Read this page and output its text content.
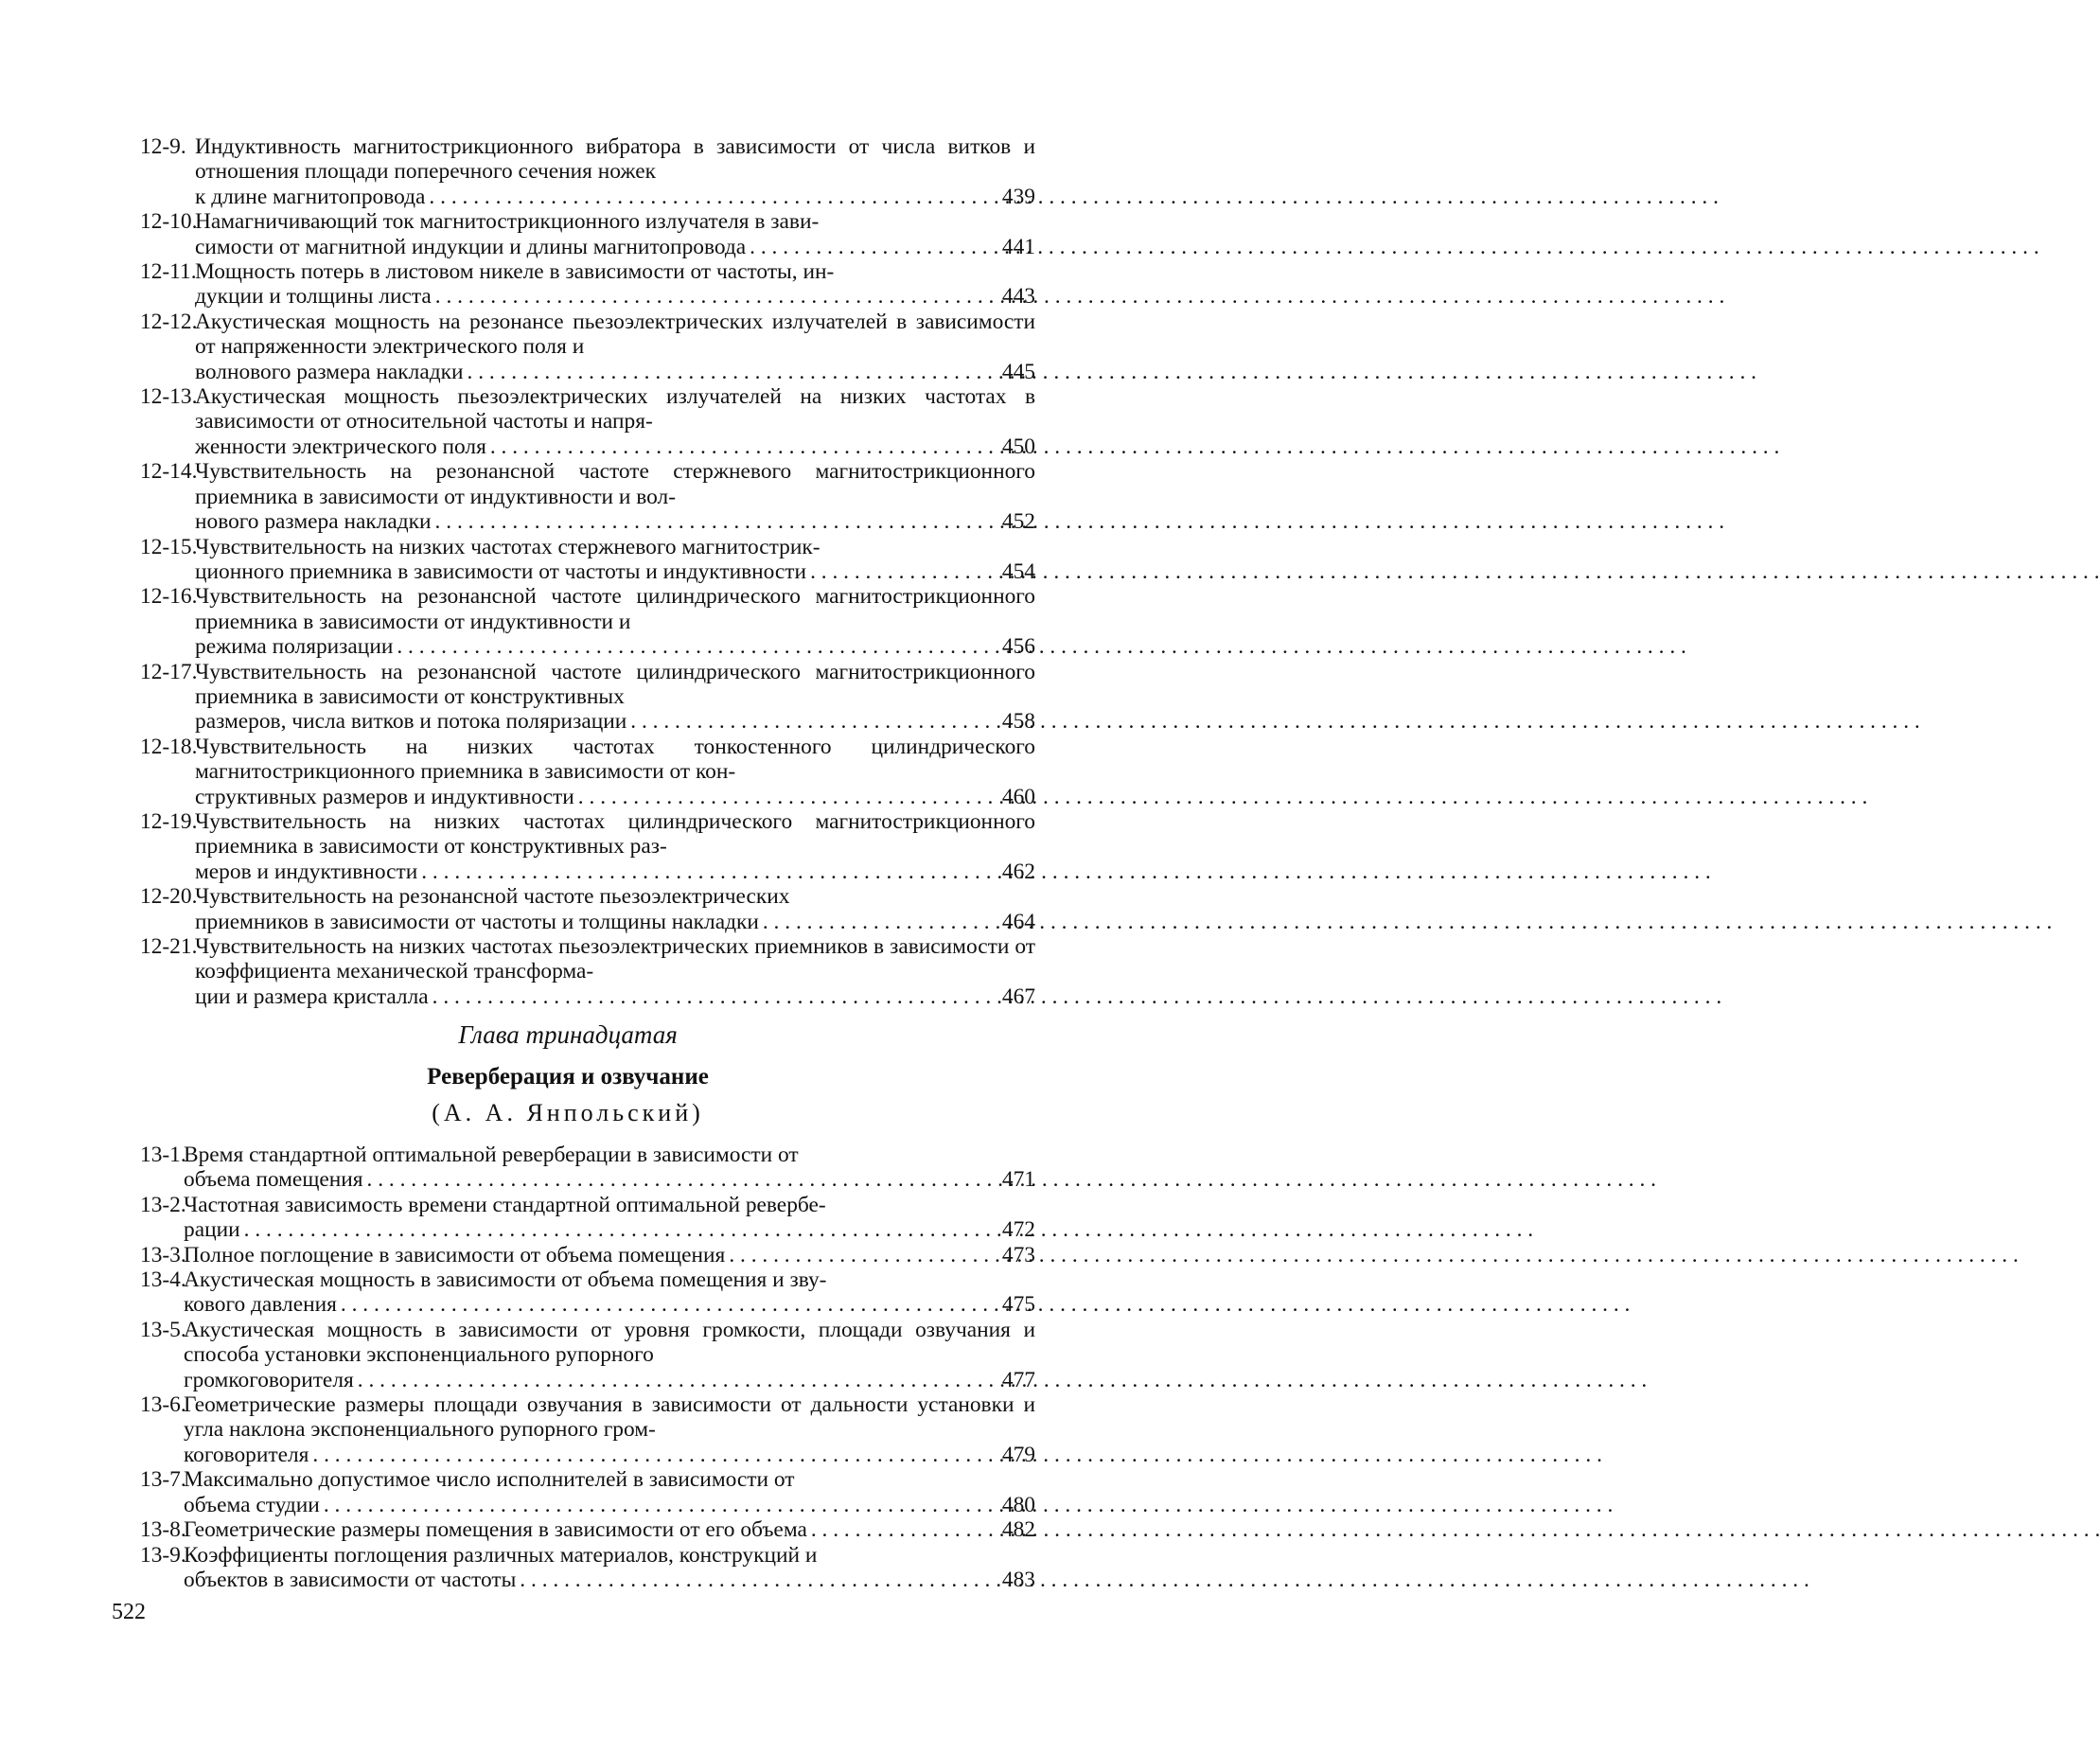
12-9. Индуктивность магнитострикционного вибратора в зависимости от числа витков и отношения площади поперечного сечения ножек
к длине магнитопровода . . .	439
12-10.
Намагничивающий ток магнитострикционного излучателя в зави-
симости от магнитной индукции и длины магнитопровода . . .	441
12-11.
Мощность потерь в листовом никеле в зависимости от частоты, ин-
дукции и толщины листа . . .	443
12-12.
Акустическая мощность на резонансе пьезоэлектрических излучателей в зависимости от напряженности электрического поля и
волнового размера накладки . . .	445
12-13.
Акустическая мощность пьезоэлектрических излучателей на низких частотах в зависимости от относительной частоты и напря-
женности электрического поля . . .	450
12-14.
Чувствительность на резонансной частоте стержневого магнитострикционного приемника в зависимости от индуктивности и вол-
нового размера накладки . . .	452
12-15.
Чувствительность на низких частотах стержневого магнитострик-
ционного приемника в зависимости от частоты и индуктивности . . .	454
12-16.
Чувствительность на резонансной частоте цилиндрического магнитострикционного приемника в зависимости от индуктивности и
режима поляризации . . .	456
12-17.
Чувствительность на резонансной частоте цилиндрического магнитострикционного приемника в зависимости от конструктивных
размеров, числа витков и потока поляризации . . .	458
12-18.
Чувствительность на низких частотах тонкостенного цилиндрического магнитострикционного приемника в зависимости от кон-
структивных размеров и индуктивности . . .	460
12-19.
Чувствительность на низких частотах цилиндрического магнитострикционного приемника в зависимости от конструктивных раз-
меров и индуктивности . . .	462
12-20.
Чувствительность на резонансной частоте пьезоэлектрических
приемников в зависимости от частоты и толщины накладки . . .	464
12-21.
Чувствительность на низких частотах пьезоэлектрических приемников в зависимости от коэффициента механической трансформа-
ции и размера кристалла . . .	467
Глава тринадцатая
Реверберация и озвучание
(А. А. Янпольский)
13-1.
Время стандартной оптимальной реверберации в зависимости от
объема помещения . . .	471
13-2.
Частотная зависимость времени стандартной оптимальной ревербе-
рации . . .	472
13-3.
Полное поглощение в зависимости от объема помещения . . .	473
13-4.
Акустическая мощность в зависимости от объема помещения и зву-
кового давления . . .	475
13-5.
Акустическая мощность в зависимости от уровня громкости, площади озвучания и способа установки экспоненциального рупорного
громкоговорителя . . .	477
13-6.
Геометрические размеры площади озвучания в зависимости от дальности установки и угла наклона экспоненциального рупорного гром-
коговорителя . . .	479
13-7.
Максимально допустимое число исполнителей в зависимости от
объема студии . . .	480
13-8.
Геометрические размеры помещения в зависимости от его объема . . .	482
13-9.
Коэффициенты поглощения различных материалов, конструкций и
объектов в зависимости от частоты . . .	483
522
